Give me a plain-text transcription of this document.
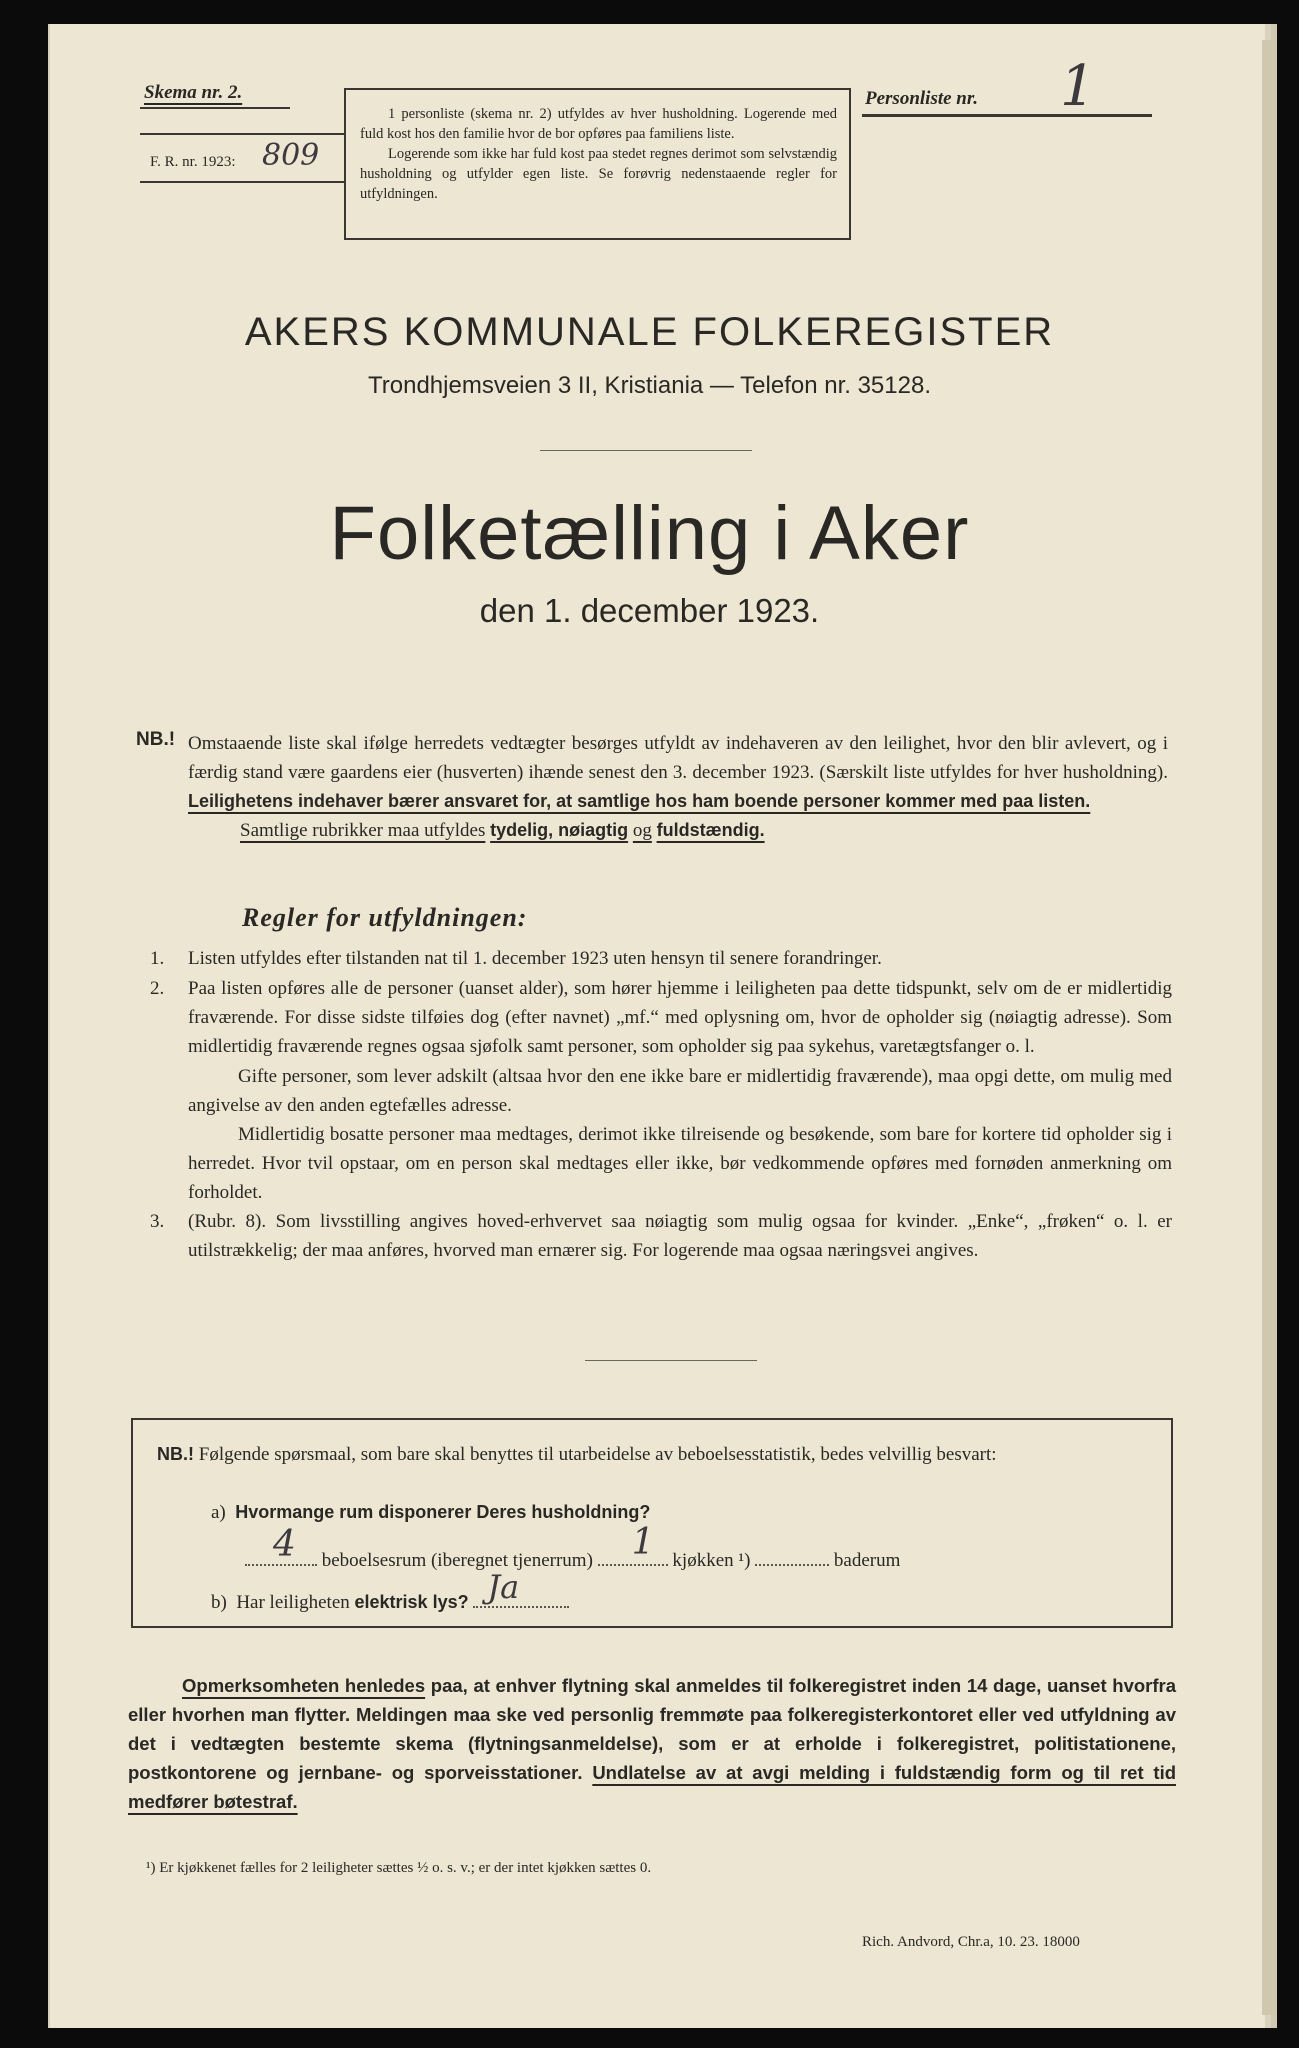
Skema nr. 2.
F. R. nr. 1923: 809

1 personliste (skema nr. 2) utfyldes av hver husholdning. Logerende med fuld kost hos den familie hvor de bor opføres paa familiens liste.

Logerende som ikke har fuld kost paa stedet regnes derimot som selvstændig husholdning og utfylder egen liste. Se forøvrig nedenstaaende regler for utfyldningen.

Personliste nr. 1
AKERS KOMMUNALE FOLKEREGISTER
Trondhjemsveien 3 II, Kristiania — Telefon nr. 35128.
Folketælling i Aker
den 1. december 1923.
NB.! Omstaaende liste skal ifølge herredets vedtægter besørges utfyldt av indehaveren av den leilighet, hvor den blir avlevert, og i færdig stand være gaardens eier (husverten) ihænde senest den 3. december 1923. (Særskilt liste utfyldes for hver husholdning). Leilighetens indehaver bærer ansvaret for, at samtlige hos ham boende personer kommer med paa listen.
Samtlige rubrikker maa utfyldes tydelig, nøiagtig og fuldstændig.
Regler for utfyldningen:
1. Listen utfyldes efter tilstanden nat til 1. december 1923 uten hensyn til senere forandringer.
2. Paa listen opføres alle de personer (uanset alder), som hører hjemme i leiligheten paa dette tidspunkt, selv om de er midlertidig fraværende. For disse sidste tilføies dog (efter navnet) „mf.“ med oplysning om, hvor de opholder sig (nøiagtig adresse). Som midlertidig fraværende regnes ogsaa sjøfolk samt personer, som opholder sig paa sykehus, varetægtsfanger o. l.

Gifte personer, som lever adskilt (altsaa hvor den ene ikke bare er midlertidig fraværende), maa opgi dette, om mulig med angivelse av den anden egtefælles adresse.

Midlertidig bosatte personer maa medtages, derimot ikke tilreisende og besøkende, som bare for kortere tid opholder sig i herredet. Hvor tvil opstaar, om en person skal medtages eller ikke, bør vedkommende opføres med fornøden anmerkning om forholdet.

3. (Rubr. 8). Som livsstilling angives hoved-erhvervet saa nøiagtig som mulig ogsaa for kvinder. „Enke“, „frøken“ o. l. er utilstrækkelig; der maa anføres, hvorved man ernærer sig. For logerende maa ogsaa næringsvei angives.
NB.! Følgende spørsmaal, som bare skal benyttes til utarbeidelse av beboelsesstatistik, bedes velvillig besvart:
a) Hvormange rum disponerer Deres husholdning?
4 beboelsesrum (iberegnet tjenerrum) 1 kjøkken ¹)	baderum
b) Har leiligheten elektrisk lys? Ja
Opmerksomheten henledes paa, at enhver flytning skal anmeldes til folkeregistret inden 14 dage, uanset hvorfra eller hvorhen man flytter. Meldingen maa ske ved personlig fremmøte paa folkeregisterkontoret eller ved utfyldning av det i vedtægten bestemte skema (flytningsanmeldelse), som er at erholde i folkeregistret, politistationene, postkontorene og jernbane- og sporveisstationer. Undlatelse av at avgi melding i fuldstændig form og til ret tid medfører bøtestraf.
¹) Er kjøkkenet fælles for 2 leiligheter sættes ½ o. s. v.; er der intet kjøkken sættes 0.
Rich. Andvord, Chr.a, 10. 23. 18000
